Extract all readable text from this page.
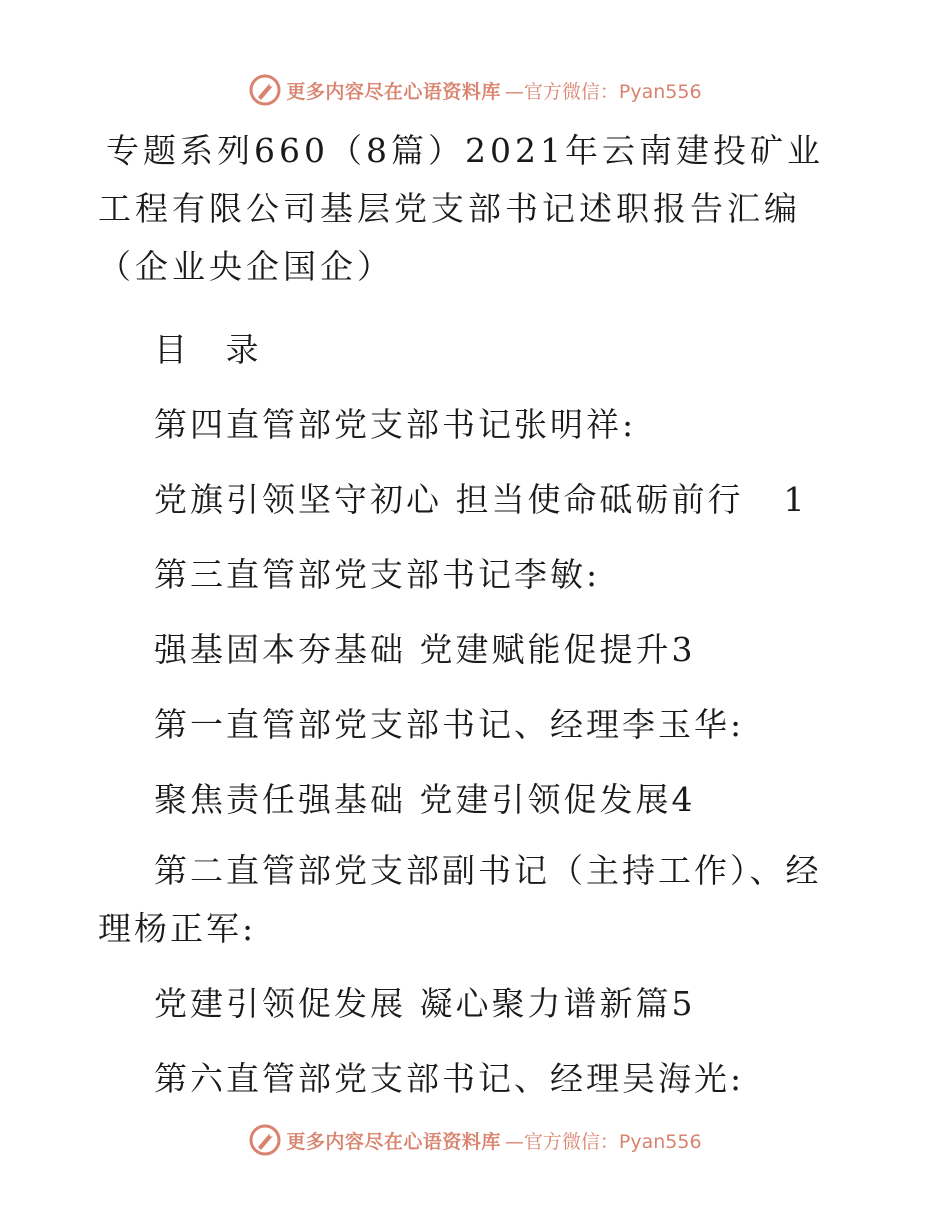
更多内容尽在心语资料库 —官方微信：Pyan556

专题系列660（8篇）2021年云南建投矿业工程有限公司基层党支部书记述职报告汇编（企业央企国企）

目 录

第四直管部党支部书记张明祥:

党旗引领坚守初心 担当使命砥砺前行 1

第三直管部党支部书记李敏:

强基固本夯基础 党建赋能促提升3

第一直管部党支部书记、经理李玉华:

聚焦责任强基础 党建引领促发展4

第二直管部党支部副书记（主持工作）、经理杨正军:

党建引领促发展 凝心聚力谱新篇5

第六直管部党支部书记、经理吴海光:

更多内容尽在心语资料库 —官方微信：Pyan556
